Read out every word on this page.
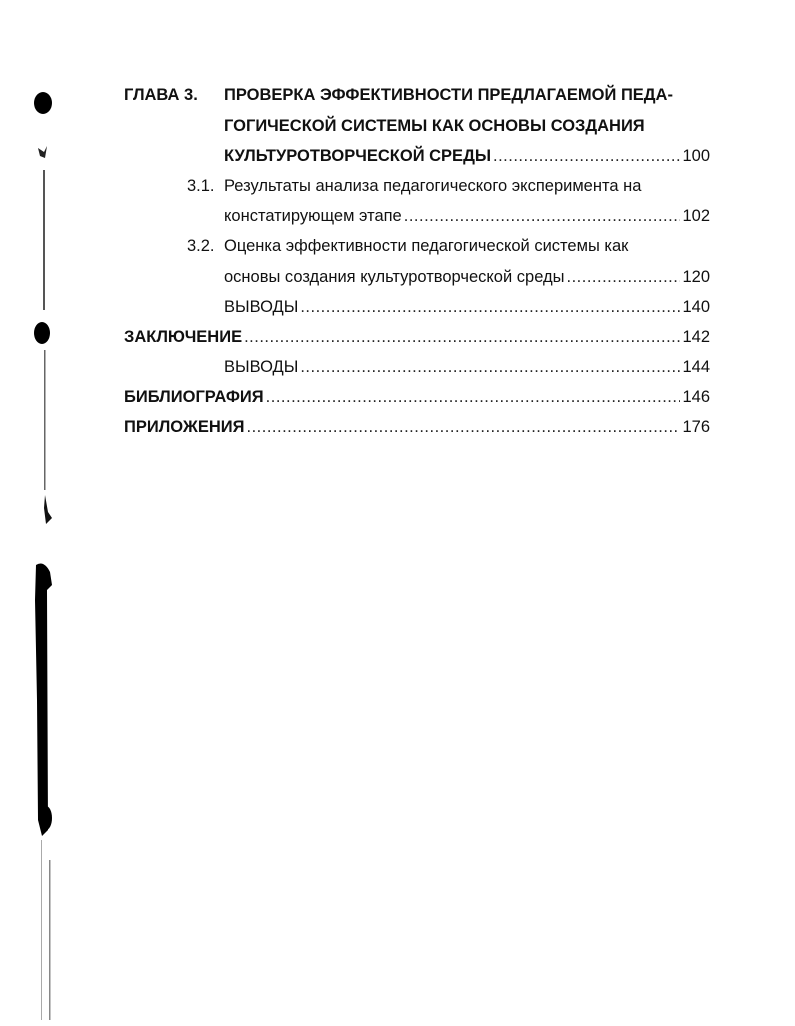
ГЛАВА 3.	ПРОВЕРКА ЭФФЕКТИВНОСТИ ПРЕДЛАГАЕМОЙ ПЕДА-
ГОГИЧЕСКОЙ СИСТЕМЫ КАК ОСНОВЫ СОЗДАНИЯ
КУЛЬТУРОТВОРЧЕСКОЙ СРЕДЫ .....	100
3.1. Результаты анализа педагогического эксперимента на
констатирующем этапе .....	102
3.2. Оценка эффективности педагогической системы как
основы создания культуротворческой среды .....	120
ВЫВОДЫ .....	140
ЗАКЛЮЧЕНИЕ .....	142
ВЫВОДЫ .....	144
БИБЛИОГРАФИЯ .....	146
ПРИЛОЖЕНИЯ .....	176
